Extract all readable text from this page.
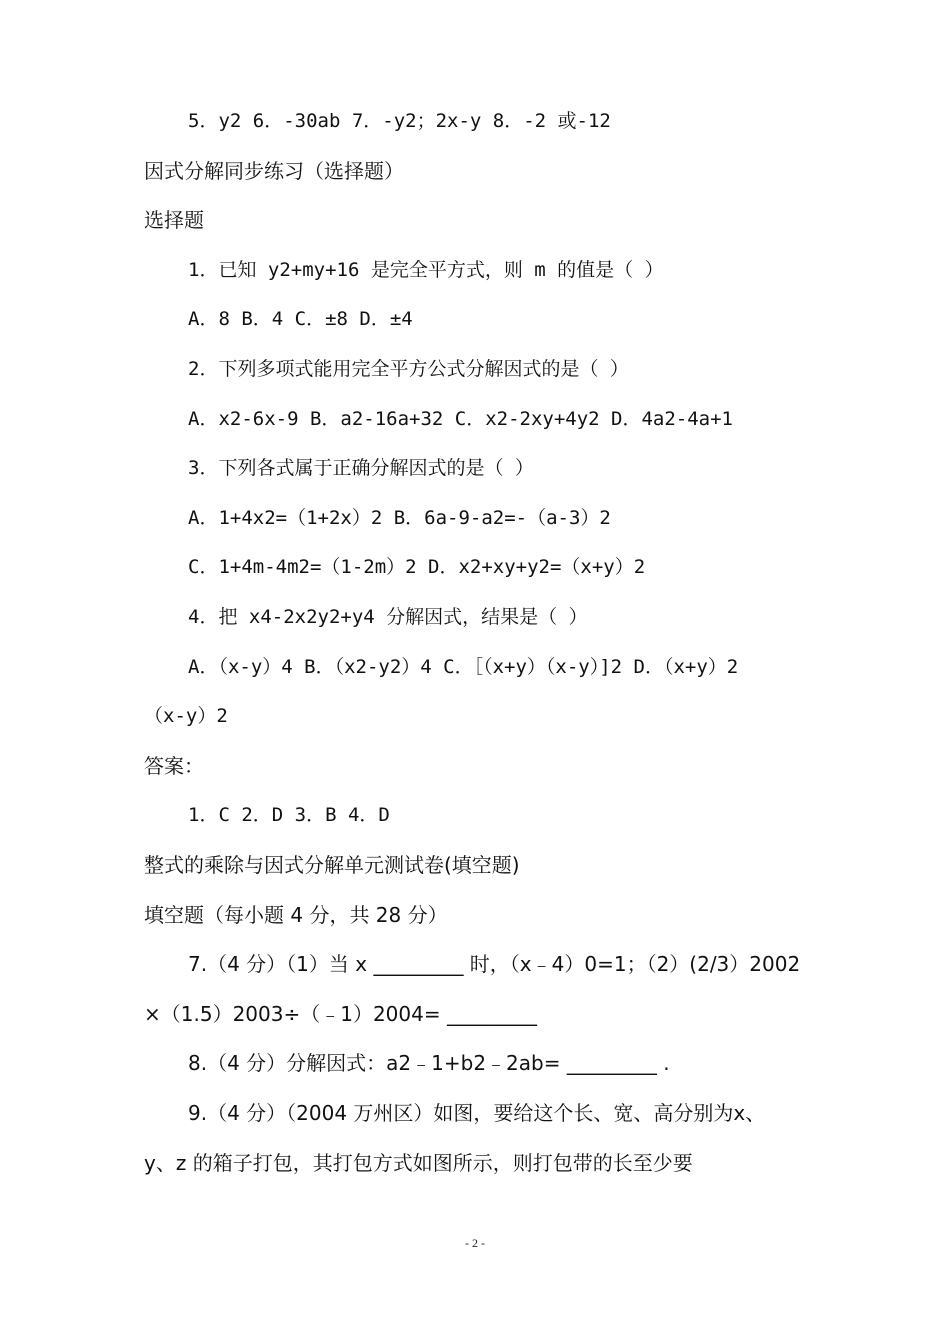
5．y2 6．-30ab 7．-y2；2x-y 8．-2 或-12
因式分解同步练习（选择题）
选择题
1．已知 y2+my+16 是完全平方式，则 m 的值是（ ）
A．8 B．4 C．±8 D．±4
2．下列多项式能用完全平方公式分解因式的是（ ）
A．x2-6x-9 B．a2-16a+32 C．x2-2xy+4y2 D．4a2-4a+1
3．下列各式属于正确分解因式的是（ ）
A．1+4x2=（1+2x）2 B．6a-9-a2=-（a-3）2
C．1+4m-4m2=（1-2m）2 D．x2+xy+y2=（x+y）2
4．把 x4-2x2y2+y4 分解因式，结果是（ ）
A．（x-y）4 B．（x2-y2）4 C．［（x+y）（x-y）]2 D．（x+y）2
（x-y）2
答案：
1．C 2．D 3．B 4．D
整式的乘除与因式分解单元测试卷(填空题)
填空题（每小题 4 分，共 28 分）
7.（4 分）（1）当 x _________ 时，（x﹣4）0=1；（2）(2/3）2002
×（1.5）2003÷（﹣1）2004= _________
8.（4 分）分解因式：a2﹣1+b2﹣2ab= _________ .
9.（4 分）（2004 万州区）如图，要给这个长、宽、高分别为x、
y、z 的箱子打包，其打包方式如图所示，则打包带的长至少要
- 2 -
